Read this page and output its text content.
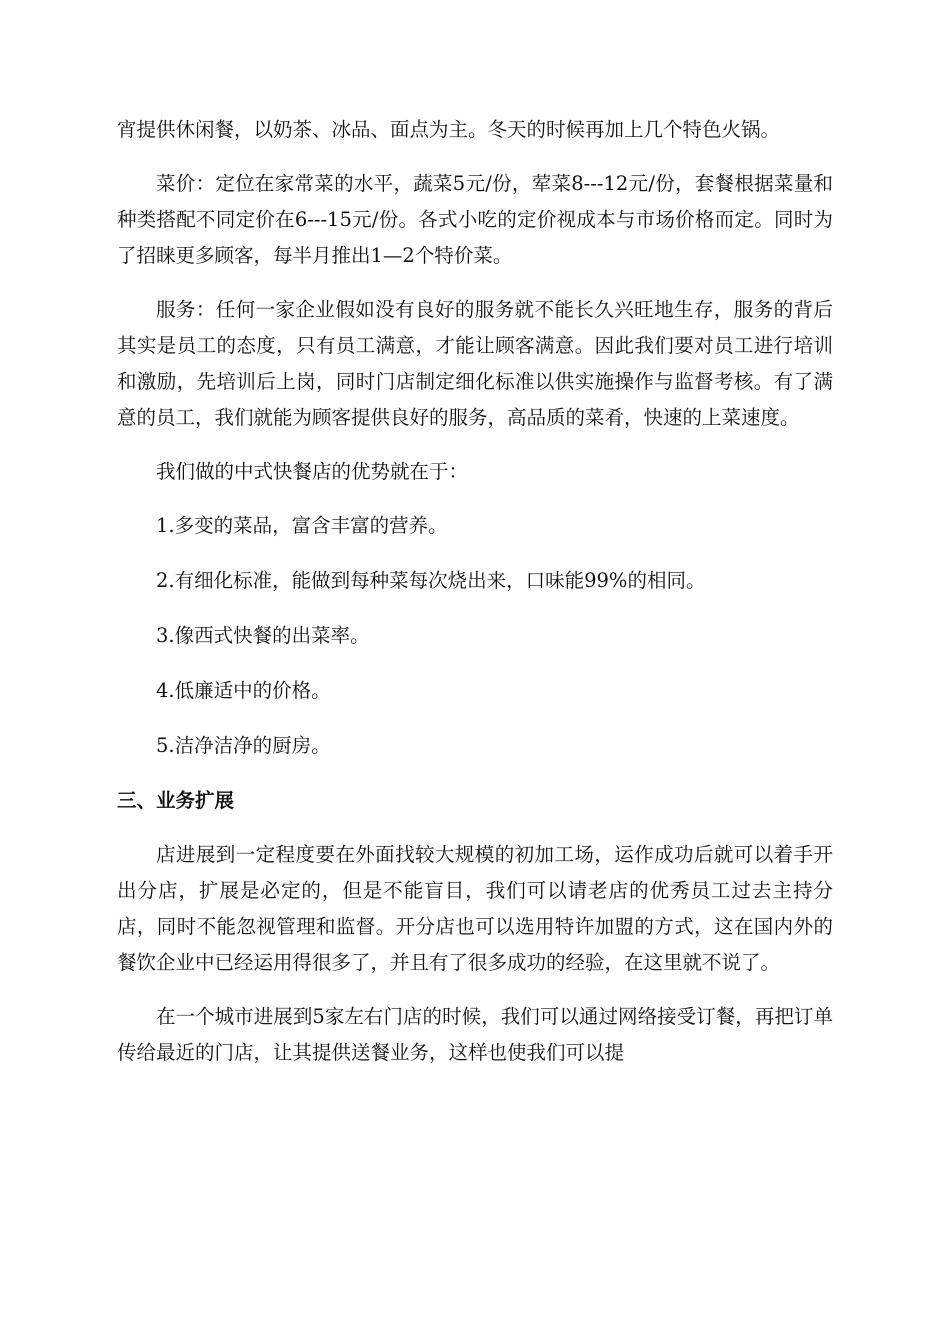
宵提供休闲餐，以奶茶、冰品、面点为主。冬天的时候再加上几个特色火锅。

菜价：定位在家常菜的水平，蔬菜5元/份，荤菜8---12元/份，套餐根据菜量和种类搭配不同定价在6---15元/份。各式小吃的定价视成本与市场价格而定。同时为了招睐更多顾客，每半月推出1—2个特价菜。

服务：任何一家企业假如没有良好的服务就不能长久兴旺地生存，服务的背后其实是员工的态度，只有员工满意，才能让顾客满意。因此我们要对员工进行培训和激励，先培训后上岗，同时门店制定细化标准以供实施操作与监督考核。有了满意的员工，我们就能为顾客提供良好的服务，高品质的菜肴，快速的上菜速度。

我们做的中式快餐店的优势就在于：

1.多变的菜品，富含丰富的营养。
2.有细化标准，能做到每种菜每次烧出来，口味能99%的相同。
3.像西式快餐的出菜率。
4.低廉适中的价格。
5.洁净洁净的厨房。
三、业务扩展

店进展到一定程度要在外面找较大规模的初加工场，运作成功后就可以着手开出分店，扩展是必定的，但是不能盲目，我们可以请老店的优秀员工过去主持分店，同时不能忽视管理和监督。开分店也可以选用特许加盟的方式，这在国内外的餐饮企业中已经运用得很多了，并且有了很多成功的经验，在这里就不说了。

在一个城市进展到5家左右门店的时候，我们可以通过网络接受订餐，再把订单传给最近的门店，让其提供送餐业务，这样也使我们可以提
